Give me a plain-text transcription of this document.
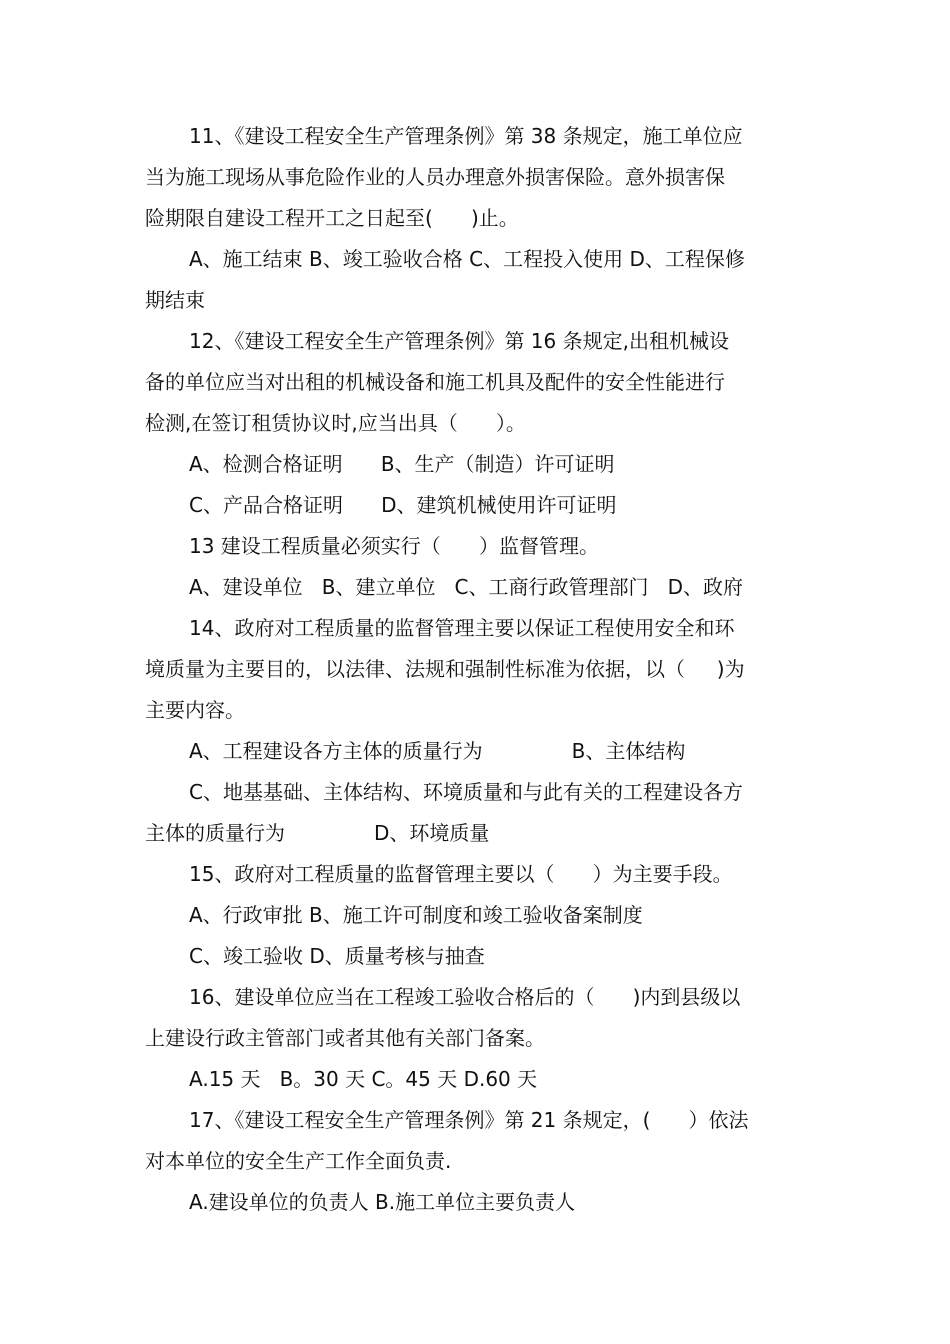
11、《建设工程安全生产管理条例》第 38 条规定，施工单位应
当为施工现场从事危险作业的人员办理意外损害保险。意外损害保
险期限自建设工程开工之日起至(      )止。
A、施工结束 B、竣工验收合格 C、工程投入使用 D、工程保修
期结束
12、《建设工程安全生产管理条例》第 16 条规定,出租机械设
备的单位应当对出租的机械设备和施工机具及配件的安全性能进行
检测,在签订租赁协议时,应当出具（      ）。
A、检测合格证明      B、生产（制造）许可证明
C、产品合格证明      D、建筑机械使用许可证明
13 建设工程质量必须实行（      ）监督管理。
A、建设单位   B、建立单位   C、工商行政管理部门   D、政府
14、政府对工程质量的监督管理主要以保证工程使用安全和环
境质量为主要目的，以法律、法规和强制性标准为依据，以（     )为
主要内容。
A、工程建设各方主体的质量行为              B、主体结构
C、地基基础、主体结构、环境质量和与此有关的工程建设各方
主体的质量行为              D、环境质量
15、政府对工程质量的监督管理主要以（      ）为主要手段。
A、行政审批 B、施工许可制度和竣工验收备案制度
C、竣工验收 D、质量考核与抽查
16、建设单位应当在工程竣工验收合格后的（      )内到县级以
上建设行政主管部门或者其他有关部门备案。
A.15 天   B。30 天 C。45 天 D.60 天
17、《建设工程安全生产管理条例》第 21 条规定，(      ）依法
对本单位的安全生产工作全面负责.
A.建设单位的负责人 B.施工单位主要负责人
